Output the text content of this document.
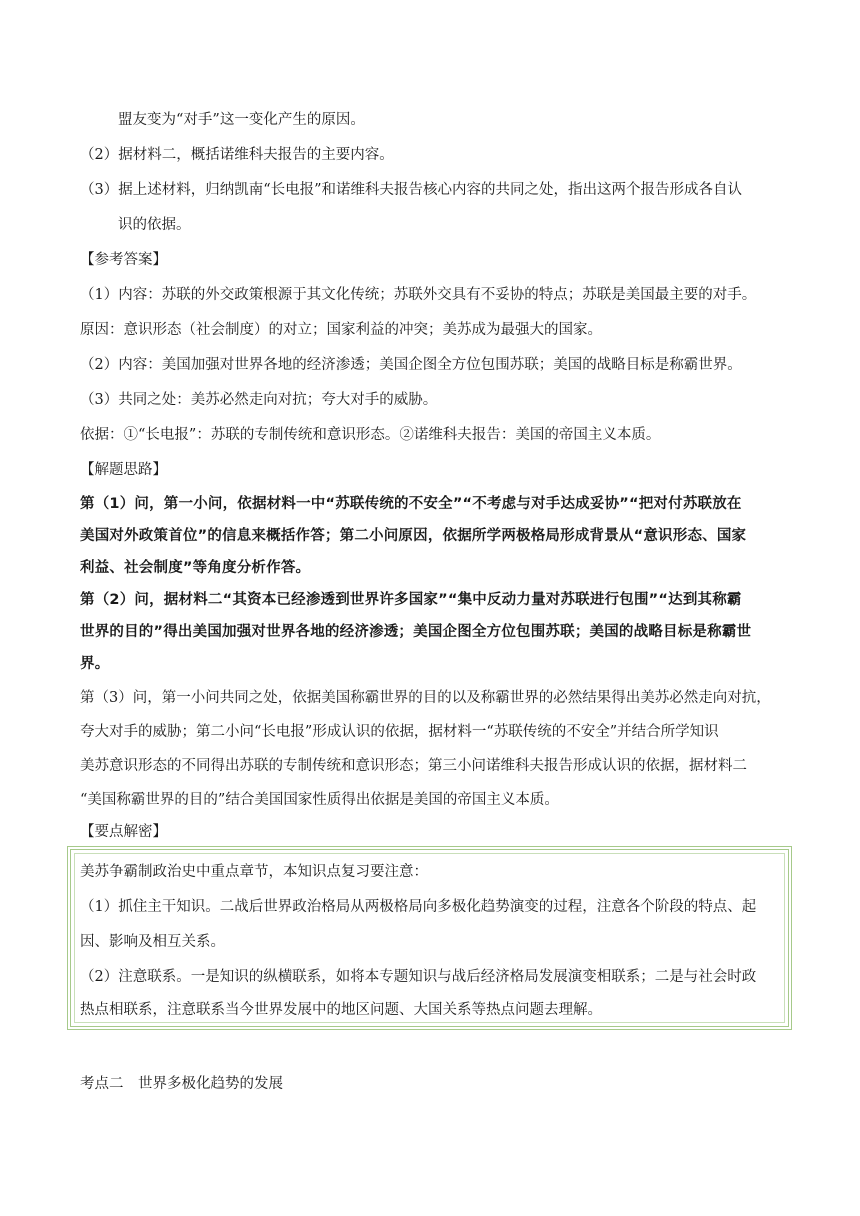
盟友变为“对手”这一变化产生的原因。
（2）据材料二，概括诺维科夫报告的主要内容。
（3）据上述材料，归纳凯南“长电报”和诺维科夫报告核心内容的共同之处，指出这两个报告形成各自认
识的依据。
【参考答案】
（1）内容：苏联的外交政策根源于其文化传统；苏联外交具有不妥协的特点；苏联是美国最主要的对手。
原因：意识形态（社会制度）的对立；国家利益的冲突；美苏成为最强大的国家。
（2）内容：美国加强对世界各地的经济渗透；美国企图全方位包围苏联；美国的战略目标是称霸世界。
（3）共同之处：美苏必然走向对抗；夸大对手的威胁。
依据：①“长电报”：苏联的专制传统和意识形态。②诺维科夫报告：美国的帝国主义本质。
【解题思路】
第（1）问，第一小问，依据材料一中“苏联传统的不安全”“不考虑与对手达成妥协”“把对付苏联放在
美国对外政策首位”的信息来概括作答；第二小问原因，依据所学两极格局形成背景从“意识形态、国家
利益、社会制度”等角度分析作答。
第（2）问，据材料二“其资本已经渗透到世界许多国家”“集中反动力量对苏联进行包围”“达到其称霸
世界的目的”得出美国加强对世界各地的经济渗透；美国企图全方位包围苏联；美国的战略目标是称霸世
界。
第（3）问，第一小问共同之处，依据美国称霸世界的目的以及称霸世界的必然结果得出美苏必然走向对抗，
夸大对手的威胁；第二小问“长电报”形成认识的依据，据材料一“苏联传统的不安全”并结合所学知识
美苏意识形态的不同得出苏联的专制传统和意识形态；第三小问诺维科夫报告形成认识的依据，据材料二
“美国称霸世界的目的”结合美国国家性质得出依据是美国的帝国主义本质。
【要点解密】
美苏争霸制政治史中重点章节，本知识点复习要注意：
（1）抓住主干知识。二战后世界政治格局从两极格局向多极化趋势演变的过程，注意各个阶段的特点、起
因、影响及相互关系。
（2）注意联系。一是知识的纵横联系，如将本专题知识与战后经济格局发展演变相联系；二是与社会时政
热点相联系，注意联系当今世界发展中的地区问题、大国关系等热点问题去理解。
考点二　世界多极化趋势的发展
